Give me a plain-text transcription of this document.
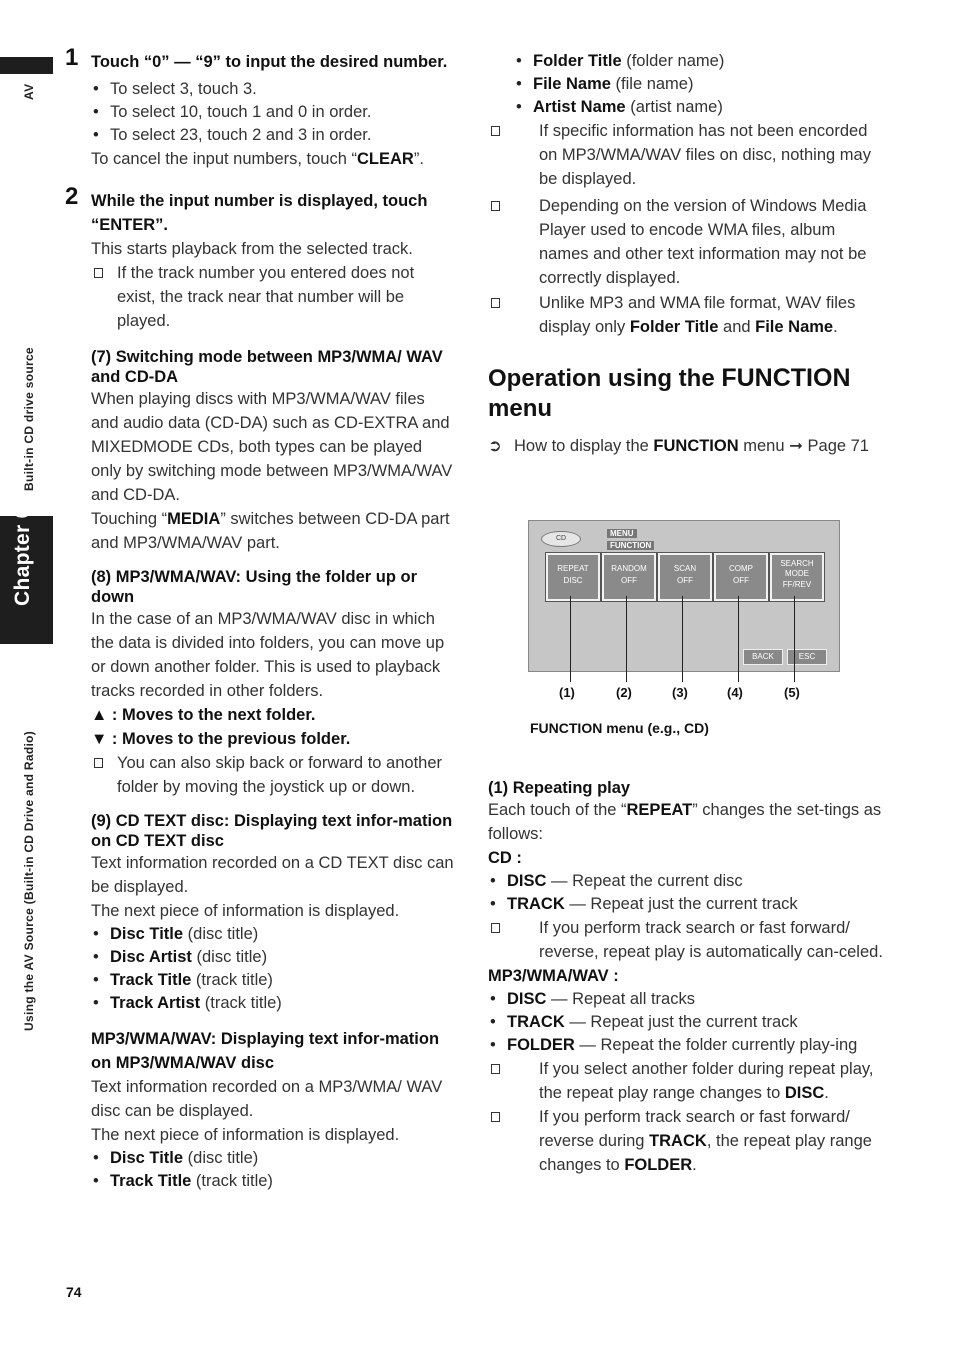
AV
Built-in CD drive source
Chapter 6
Using the AV Source (Built-in CD Drive and Radio)
1 Touch “0” — “9” to input the desired number.

• To select 3, touch 3.
• To select 10, touch 1 and 0 in order.
• To select 23, touch 2 and 3 in order.

To cancel the input numbers, touch “CLEAR”.

2 While the input number is displayed, touch “ENTER”.

This starts playback from the selected track.

If the track number you entered does not exist, the track near that number will be played.

(7) Switching mode between MP3/WMA/ WAV and CD-DA

When playing discs with MP3/WMA/WAV files and audio data (CD-DA) such as CD-EXTRA and MIXEDMODE CDs, both types can be played only by switching mode between MP3/WMA/WAV and CD-DA.

Touching “MEDIA” switches between CD-DA part and MP3/WMA/WAV part.

(8) MP3/WMA/WAV: Using the folder up or down

In the case of an MP3/WMA/WAV disc in which the data is divided into folders, you can move up or down another folder. This is used to playback tracks recorded in other folders.

▲ : Moves to the next folder.

▼ : Moves to the previous folder.

You can also skip back or forward to another folder by moving the joystick up or down.

(9) CD TEXT disc: Displaying text infor-mation on CD TEXT disc

Text information recorded on a CD TEXT disc can be displayed.

The next piece of information is displayed.

• Disc Title (disc title)
• Disc Artist (disc title)
• Track Title (track title)
• Track Artist (track title)

MP3/WMA/WAV: Displaying text infor-mation on MP3/WMA/WAV disc

Text information recorded on a MP3/WMA/ WAV disc can be displayed.

The next piece of information is displayed.

• Disc Title (disc title)
• Track Title (track title)
• Folder Title (folder name)
• File Name (file name)
• Artist Name (artist name)
If specific information has not been encorded on MP3/WMA/WAV files on disc, nothing may be displayed.
Depending on the version of Windows Media Player used to encode WMA files, album names and other text information may not be correctly displayed.
Unlike MP3 and WMA file format, WAV files display only Folder Title and File Name.

Operation using the FUNCTION menu

➲ How to display the FUNCTION menu ➞ Page 71
CD
MENU
FUNCTION
REPEAT
DISC
RANDOM
OFF
SCAN
OFF
COMP
OFF
SEARCH MODE
FF/REV
BACK	ESC
(1)	(2)	(3)	(4)	(5)
FUNCTION menu (e.g., CD)

(1) Repeating play

Each touch of the “REPEAT” changes the set-tings as follows:

CD :

• DISC — Repeat the current disc
• TRACK — Repeat just the current track
If you perform track search or fast forward/ reverse, repeat play is automatically can-celed.

MP3/WMA/WAV :

• DISC — Repeat all tracks
• TRACK — Repeat just the current track
• FOLDER — Repeat the folder currently play-ing
If you select another folder during repeat play, the repeat play range changes to DISC.
If you perform track search or fast forward/ reverse during TRACK, the repeat play range changes to FOLDER.
74
